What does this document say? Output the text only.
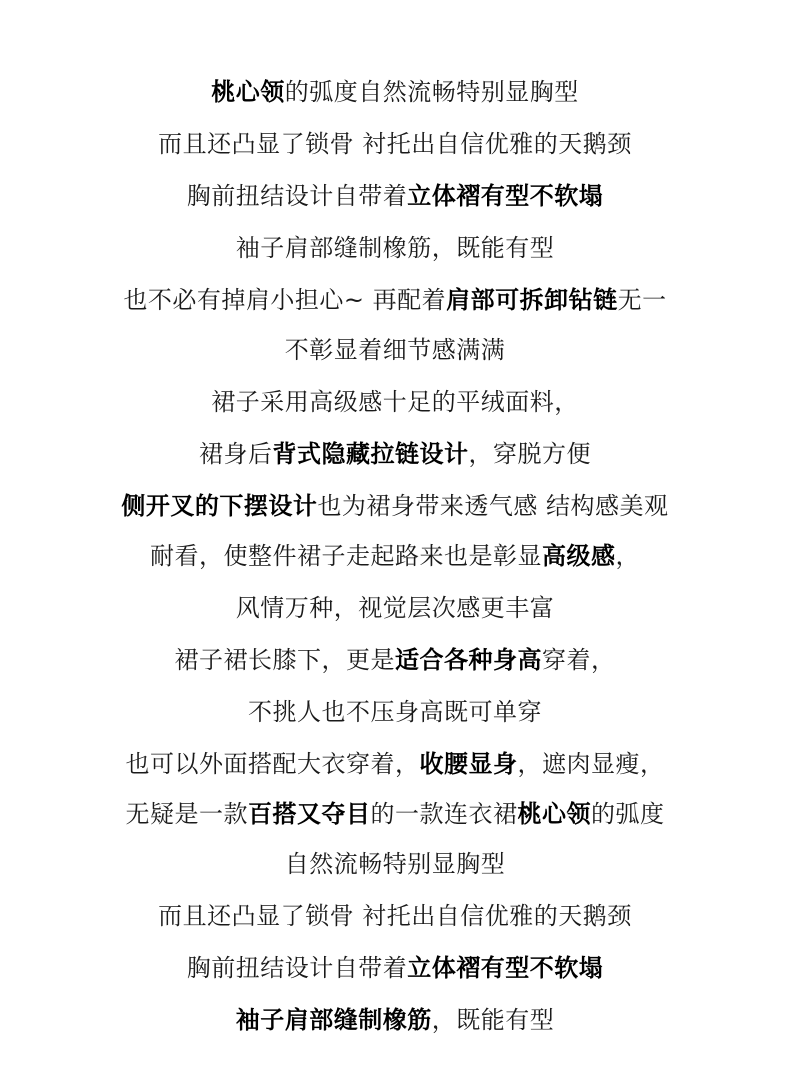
桃心领的弧度自然流畅特别显胸型
而且还凸显了锁骨 衬托出自信优雅的天鹅颈
胸前扭结设计自带着立体褶有型不软塌
袖子肩部缝制橡筋，既能有型
也不必有掉肩小担心~ 再配着肩部可拆卸钻链无一
不彰显着细节感满满
裙子采用高级感十足的平绒面料，
裙身后背式隐藏拉链设计，穿脱方便
侧开叉的下摆设计也为裙身带来透气感 结构感美观
耐看，使整件裙子走起路来也是彰显高级感，
风情万种，视觉层次感更丰富
裙子裙长膝下，更是适合各种身高穿着，
不挑人也不压身高既可单穿
也可以外面搭配大衣穿着，收腰显身，遮肉显瘦，
无疑是一款百搭又夺目的一款连衣裙桃心领的弧度
自然流畅特别显胸型
而且还凸显了锁骨 衬托出自信优雅的天鹅颈
胸前扭结设计自带着立体褶有型不软塌
袖子肩部缝制橡筋，既能有型
